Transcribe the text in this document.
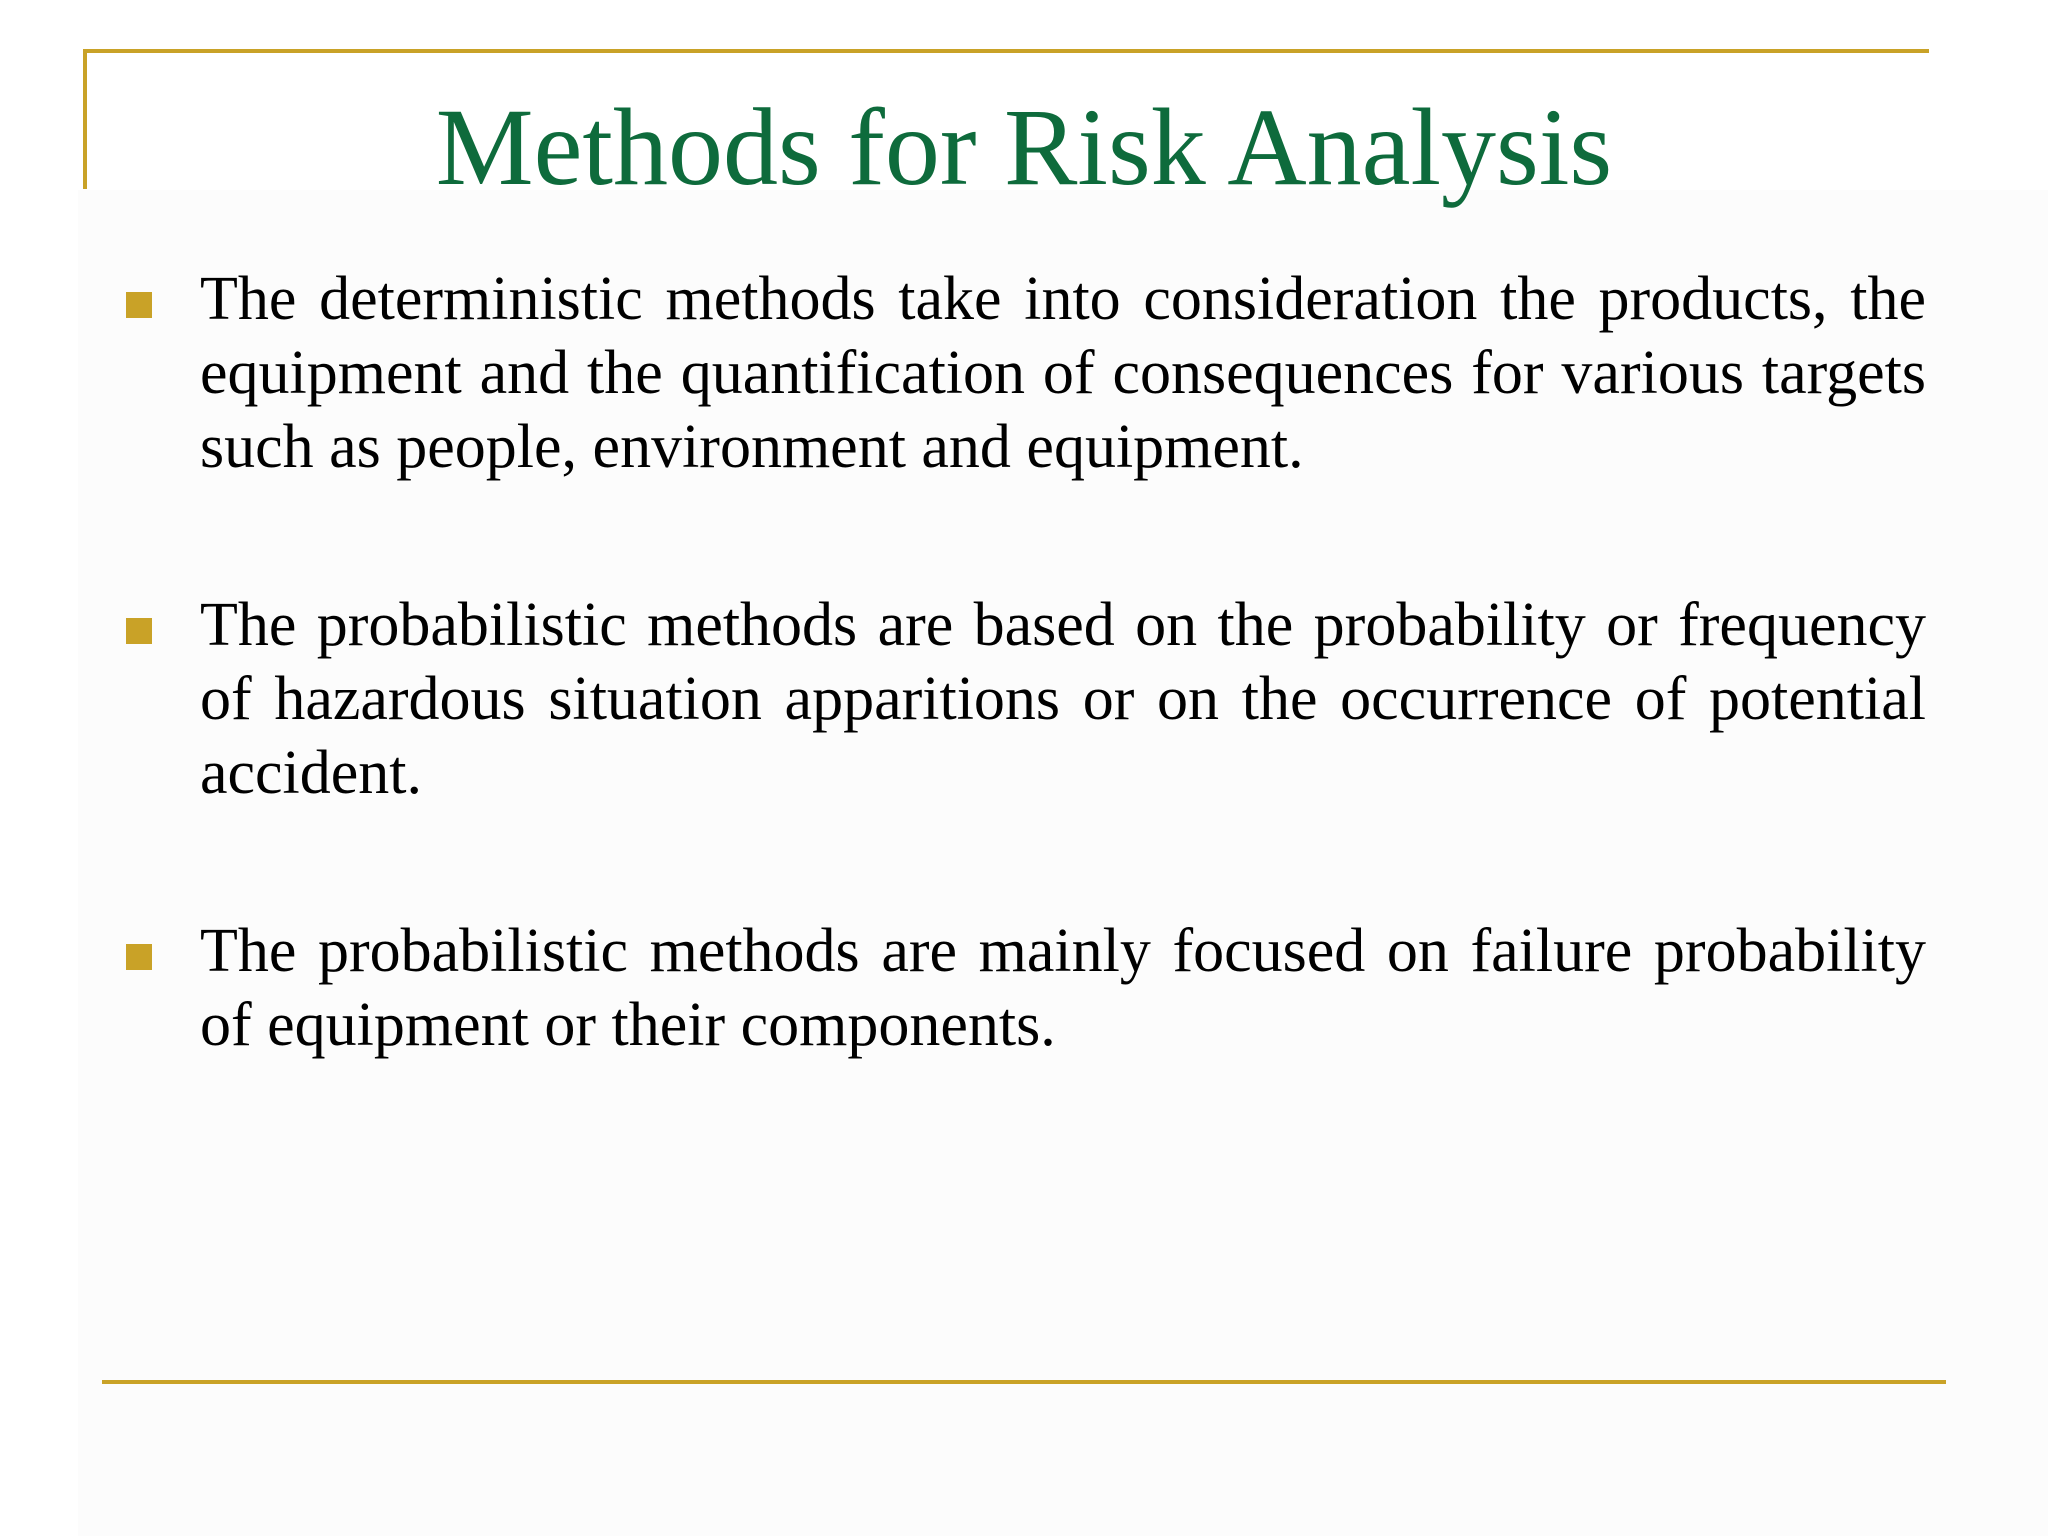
Methods for Risk Analysis
The deterministic methods take into consideration the products, the equipment and the quantification of consequences for various targets such as people, environment and equipment.
The probabilistic methods are based on the probability or frequency of hazardous situation apparitions or on the occurrence of potential accident.
The probabilistic methods are mainly focused on failure probability of equipment or their components.
